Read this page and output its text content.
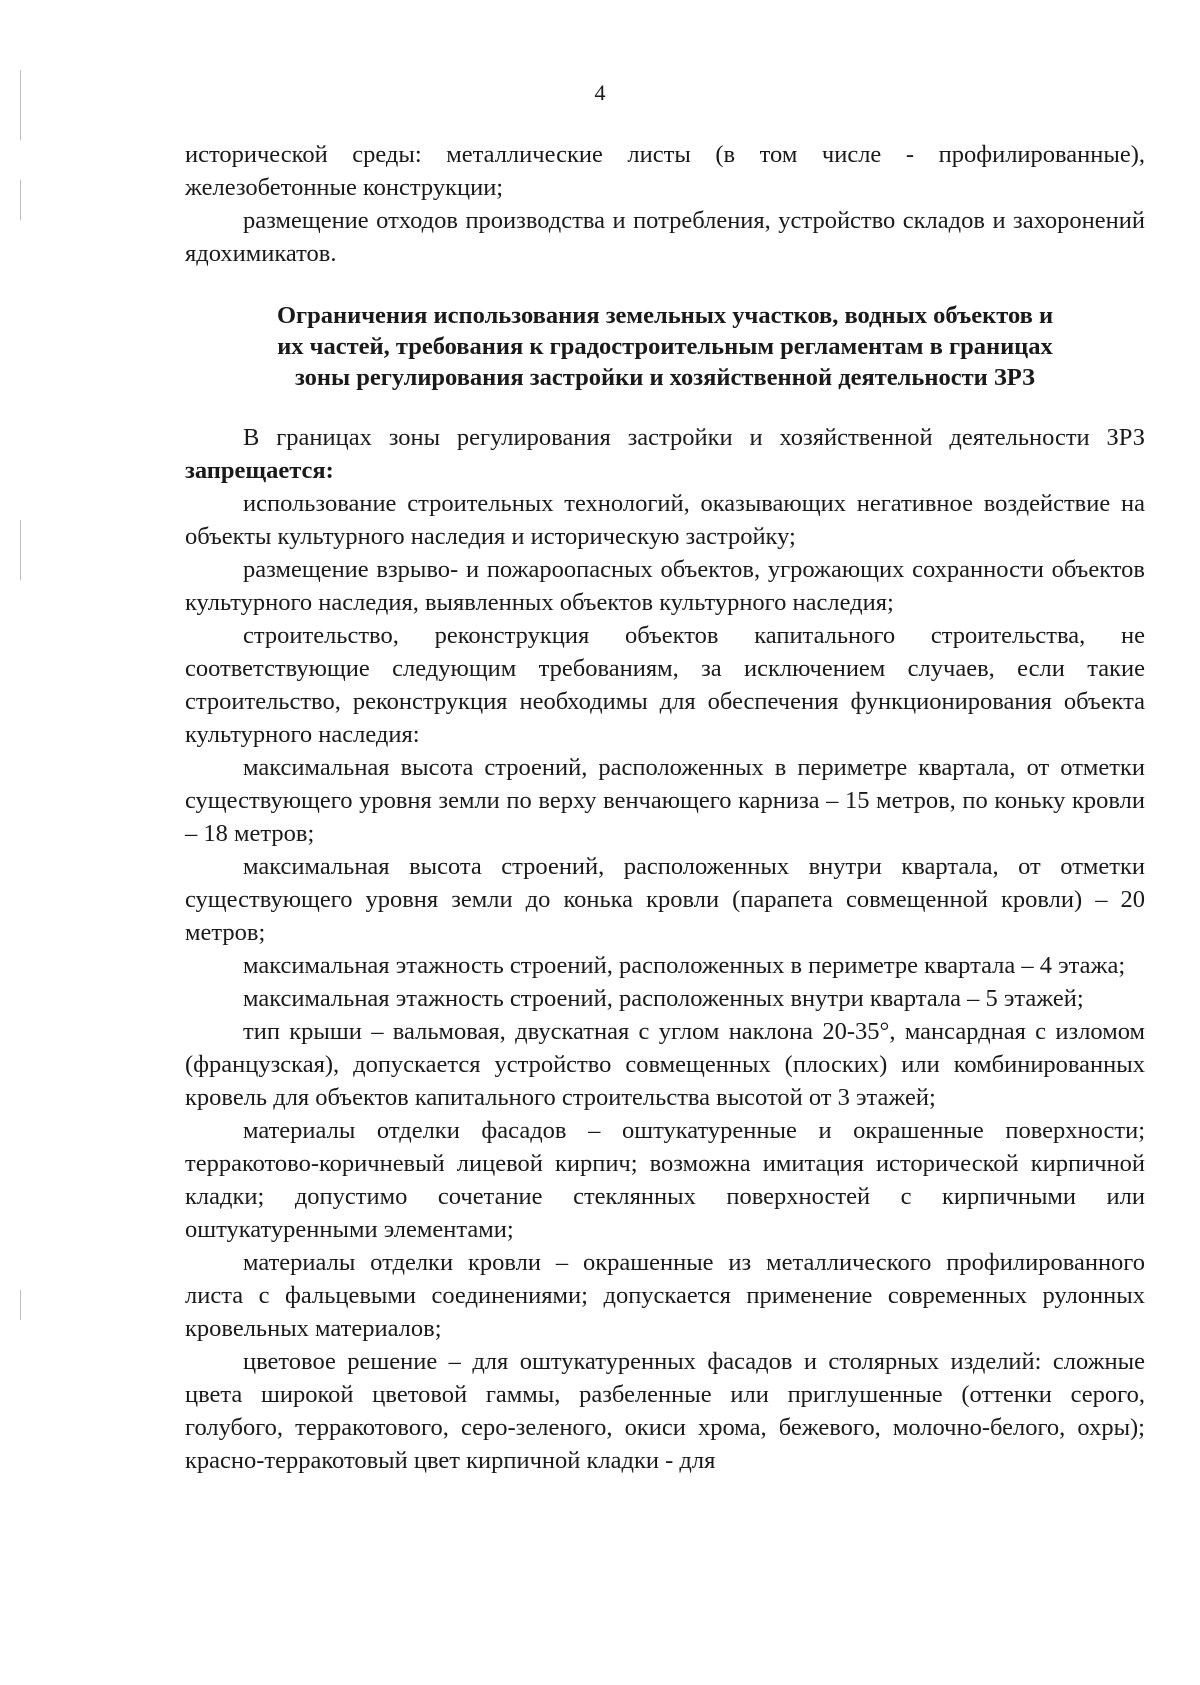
4

исторической среды: металлические листы (в том числе - профилированные), железобетонные конструкции;

размещение отходов производства и потребления, устройство складов и захоронений ядохимикатов.

Ограничения использования земельных участков, водных объектов и
их частей, требования к градостроительным регламентам в границах
зоны регулирования застройки и хозяйственной деятельности ЗРЗ

В границах зоны регулирования застройки и хозяйственной деятельности ЗРЗ запрещается:

использование строительных технологий, оказывающих негативное воздействие на объекты культурного наследия и историческую застройку;

размещение взрыво- и пожароопасных объектов, угрожающих сохранности объектов культурного наследия, выявленных объектов культурного наследия;

строительство, реконструкция объектов капитального строительства, не соответствующие следующим требованиям, за исключением случаев, если такие строительство, реконструкция необходимы для обеспечения функционирования объекта культурного наследия:

максимальная высота строений, расположенных в периметре квартала, от отметки существующего уровня земли по верху венчающего карниза – 15 метров, по коньку кровли – 18 метров;

максимальная высота строений, расположенных внутри квартала, от отметки существующего уровня земли до конька кровли (парапета совмещенной кровли) – 20 метров;

максимальная этажность строений, расположенных в периметре квартала – 4 этажа;

максимальная этажность строений, расположенных внутри квартала – 5 этажей;

тип крыши – вальмовая, двускатная с углом наклона 20-35°, мансардная с изломом (французская), допускается устройство совмещенных (плоских) или комбинированных кровель для объектов капитального строительства высотой от 3 этажей;

материалы отделки фасадов – оштукатуренные и окрашенные поверхности; терракотово-коричневый лицевой кирпич; возможна имитация исторической кирпичной кладки; допустимо сочетание стеклянных поверхностей с кирпичными или оштукатуренными элементами;

материалы отделки кровли – окрашенные из металлического профилированного листа с фальцевыми соединениями; допускается применение современных рулонных кровельных материалов;

цветовое решение – для оштукатуренных фасадов и столярных изделий: сложные цвета широкой цветовой гаммы, разбеленные или приглушенные (оттенки серого, голубого, терракотового, серо-зеленого, окиси хрома, бежевого, молочно-белого, охры); красно-терракотовый цвет кирпичной кладки - для
